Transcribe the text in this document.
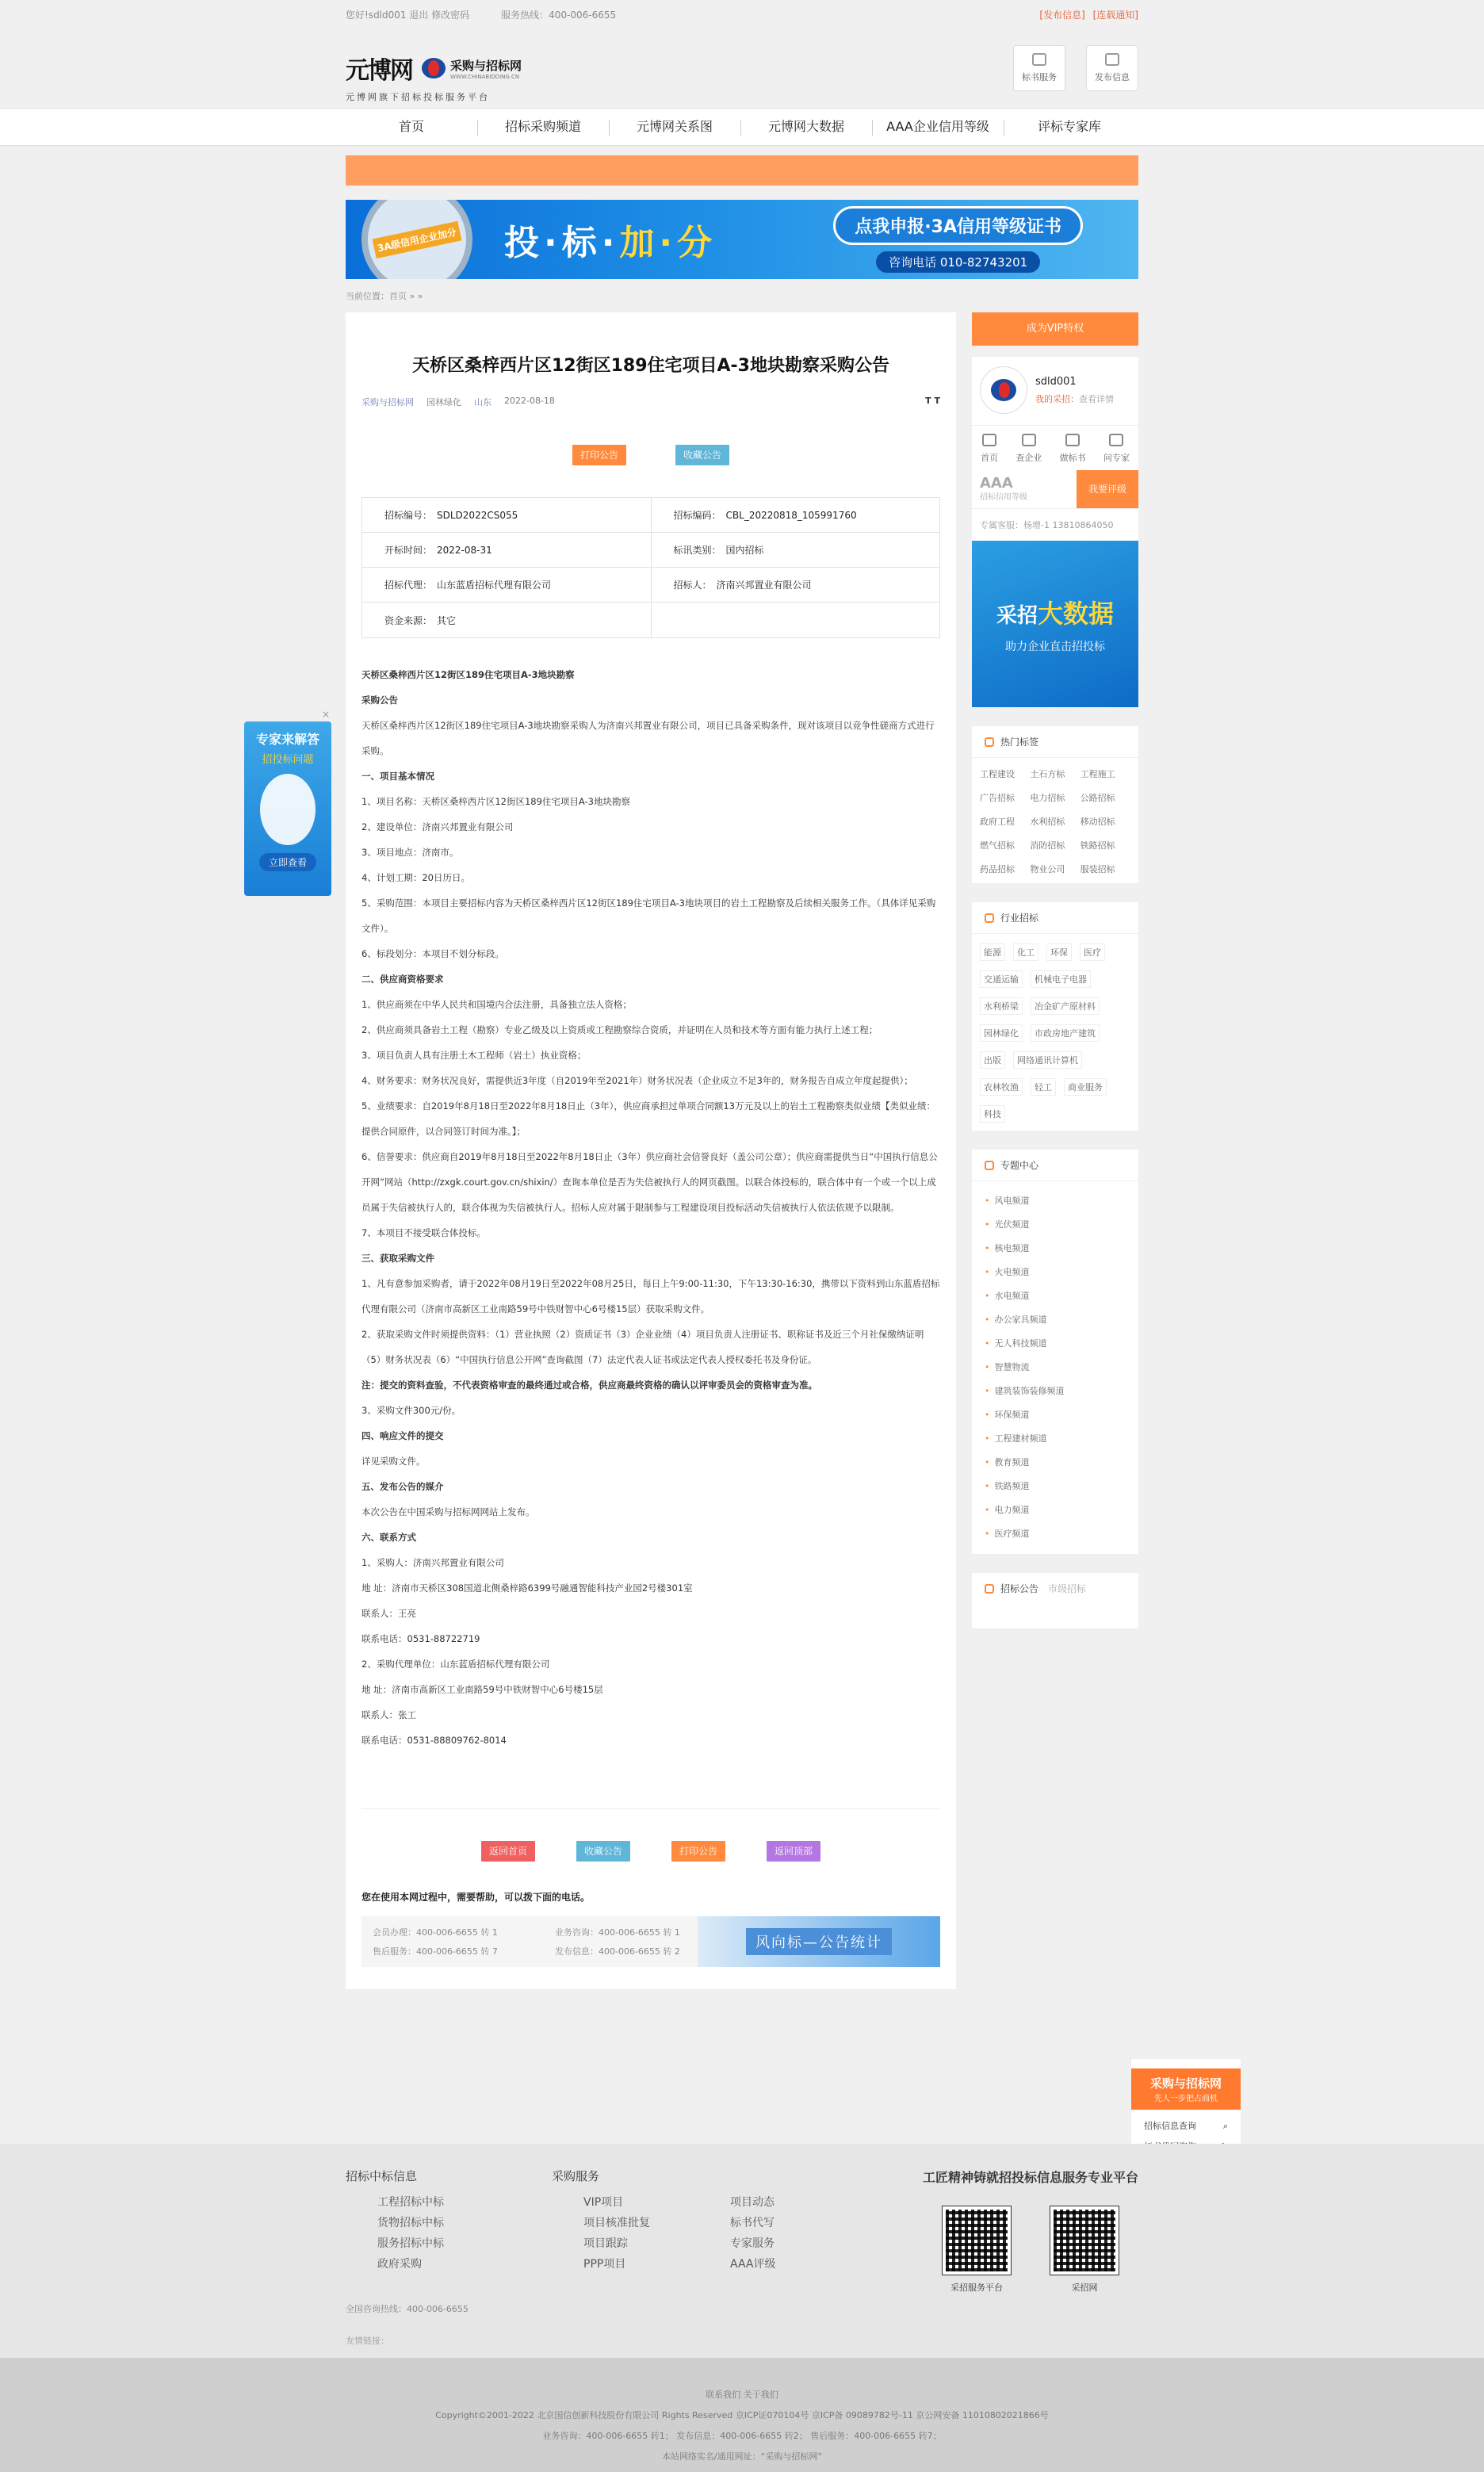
您好!sdld001 退出 修改密码	服务热线：400-006-6655	[发布信息] [连载通知]
元博网	采购与招标网
WWW.CHINABIDDING.CN
元博网旗下招标投标服务平台
标书服务	发布信息
首页	招标采购频道	元博网关系图	元博网大数据	AAA企业信用等级	评标专家库
3A级信用企业加分 投·标·加·分	点我申报·3A信用等级证书
咨询电话 010-82743201
当前位置：首页 » »
天桥区桑梓西片区12街区189住宅项目A-3地块勘察采购公告
采购与招标网 园林绿化 山东 2022-08-18	T T
打印公告	收藏公告
招标编号： SDLD2022CS055	招标编码： CBL_20220818_105991760
开标时间： 2022-08-31	标讯类别： 国内招标
招标代理： 山东蓝盾招标代理有限公司	招标人： 济南兴邦置业有限公司
资金来源： 其它

天桥区桑梓西片区12街区189住宅项目A-3地块勘察

采购公告

天桥区桑梓西片区12街区189住宅项目A-3地块勘察采购人为济南兴邦置业有限公司，项目已具备采购条件，现对该项目以竞争性磋商方式进行采购。

一、项目基本情况

1、项目名称：天桥区桑梓西片区12街区189住宅项目A-3地块勘察

2、建设单位：济南兴邦置业有限公司

3、项目地点：济南市。

4、计划工期：20日历日。

5、采购范围：本项目主要招标内容为天桥区桑梓西片区12街区189住宅项目A-3地块项目的岩土工程勘察及后续相关服务工作。（具体详见采购文件）。

6、标段划分：本项目不划分标段。

二、供应商资格要求

1、供应商须在中华人民共和国境内合法注册，具备独立法人资格；

2、供应商须具备岩土工程（勘察）专业乙级及以上资质或工程勘察综合资质，并证明在人员和技术等方面有能力执行上述工程；

3、项目负责人具有注册土木工程师（岩土）执业资格；

4、财务要求：财务状况良好，需提供近3年度（自2019年至2021年）财务状况表（企业成立不足3年的，财务报告自成立年度起提供）；

5、业绩要求：自2019年8月18日至2022年8月18日止（3年），供应商承担过单项合同额13万元及以上的岩土工程勘察类似业绩【类似业绩：提供合同原件，以合同签订时间为准。】；

6、信誉要求：供应商自2019年8月18日至2022年8月18日止（3年）供应商社会信誉良好（盖公司公章）；供应商需提供当日“中国执行信息公开网”网站（http://zxgk.court.gov.cn/shixin/）查询本单位是否为失信被执行人的网页截图。以联合体投标的，联合体中有一个或一个以上成员属于失信被执行人的，联合体视为失信被执行人。招标人应对属于限制参与工程建设项目投标活动失信被执行人依法依规予以限制。

7、本项目不接受联合体投标。

三、获取采购文件

1、凡有意参加采购者，请于2022年08月19日至2022年08月25日，每日上午9:00-11:30，下午13:30-16:30，携带以下资料到山东蓝盾招标代理有限公司（济南市高新区工业南路59号中铁财智中心6号楼15层）获取采购文件。

2、获取采购文件时须提供资料：（1）营业执照（2）资质证书（3）企业业绩（4）项目负责人注册证书、职称证书及近三个月社保缴纳证明（5）财务状况表（6）“中国执行信息公开网”查询截图（7）法定代表人证书或法定代表人授权委托书及身份证。

注：提交的资料查验，不代表资格审查的最终通过或合格，供应商最终资格的确认以评审委员会的资格审查为准。

3、采购文件300元/份。

四、响应文件的提交

详见采购文件。

五、发布公告的媒介

本次公告在中国采购与招标网网站上发布。

六、联系方式

1、采购人：济南兴邦置业有限公司

地 址：济南市天桥区308国道北侧桑梓路6399号融通智能科技产业园2号楼301室

联系人：王亮

联系电话：0531-88722719

2、采购代理单位：山东蓝盾招标代理有限公司

地 址：济南市高新区工业南路59号中铁财智中心6号楼15层

联系人：张工

联系电话：0531-88809762-8014

返回首页	收藏公告	打印公告	返回顶部
您在使用本网过程中，需要帮助，可以拨下面的电话。
会员办理：400-006-6655 转 1	业务咨询：400-006-6655 转 1
售后服务：400-006-6655 转 7	发布信息：400-006-6655 转 2
风向标—公告统计
成为VIP特权
sdld001
我的采招：查看详情
首页 查企业 做标书 问专家
AAA
招标信用等级
我要评级
专属客服：杨增-1 13810864050
采招大数据
助力企业直击招投标
热门标签
工程建设	土石方标	工程施工
广告招标	电力招标	公路招标
政府工程	水利招标	移动招标
燃气招标	消防招标	铁路招标
药品招标	物业公司	服装招标
行业招标
能源	化工	环保	医疗
交通运输	机械电子电器
水利桥梁	冶金矿产原材料
园林绿化	市政房地产建筑
出版	网络通讯计算机
农林牧渔	轻工	商业服务
科技
专题中心
• 风电频道
• 光伏频道
• 核电频道
• 火电频道
• 水电频道
• 办公家具频道
• 无人科技频道
• 智慧物流
• 建筑装饰装修频道
• 环保频道
• 工程建材频道
• 教育频道
• 铁路频道
• 电力频道
• 医疗频道
招标公告 市级招标
×
专家来解答
招投标问题
立即查看
采购与招标网
先人一步把占商机
招标信息查询	⌕
招标中标信息
工程招标中标
货物招标中标
服务招标中标
政府采购
采购服务
VIP项目	项目动态
项目核准批复	标书代写
项目跟踪	专家服务
PPP项目	AAA评级
工匠精神铸就招投标信息服务专业平台
采招服务平台	采招网
全国咨询热线：400-006-6655
友情链接：
联系我们 关于我们
Copyright©2001-2022 北京国信创新科技股份有限公司 Rights Reserved 京ICP证070104号 京ICP备 09089782号-11 京公网安备 11010802021866号
业务咨询：400-006-6655 转1； 发布信息：400-006-6655 转2； 售后服务：400-006-6655 转7；
本站网络实名/通用网址：“采购与招标网”
